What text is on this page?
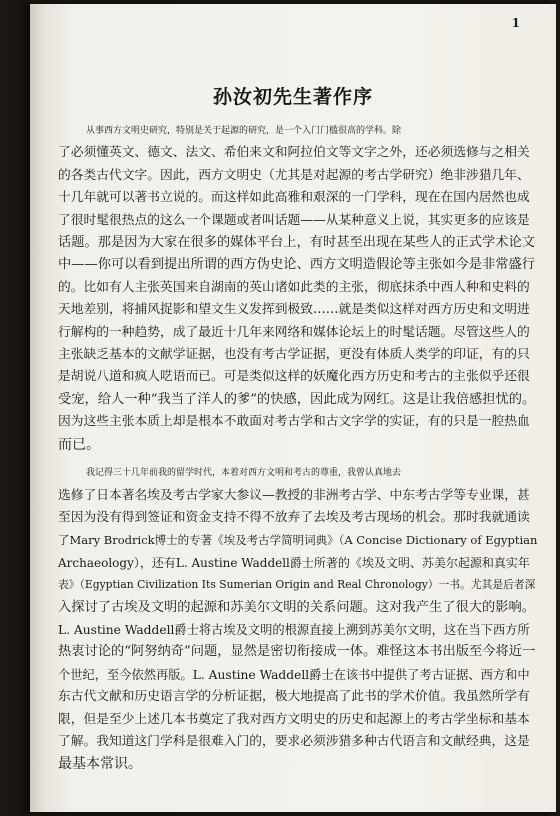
1
孙汝初先生著作序
从事西方文明史研究，特别是关于起源的研究，是一个入门门槛很高的学科。除
了必须懂英文、德文、法文、希伯来文和阿拉伯文等文字之外，还必须选修与之相关
的各类古代文字。因此，西方文明史（尤其是对起源的考古学研究）绝非涉猎几年、
十几年就可以著书立说的。而这样如此高雅和艰深的一门学科，现在在国内居然也成
了很时髦很热点的这么一个课题或者叫话题——从某种意义上说，其实更多的应该是
话题。那是因为大家在很多的媒体平台上，有时甚至出现在某些人的正式学术论文
中——你可以看到提出所谓的西方伪史论、西方文明造假论等主张如今是非常盛行
的。比如有人主张英国来自湖南的英山诸如此类的主张，彻底抹杀中西人种和史料的
天地差别，将捕风捉影和望文生义发挥到极致……就是类似这样对西方历史和文明进
行解构的一种趋势，成了最近十几年来网络和媒体论坛上的时髦话题。尽管这些人的
主张缺乏基本的文献学证据，也没有考古学证据，更没有体质人类学的印证，有的只
是胡说八道和疯人呓语而已。可是类似这样的妖魔化西方历史和考古的主张似乎还很
受宠，给人一种“我当了洋人的爹”的快感，因此成为网红。这是让我倍感担忧的。
因为这些主张本质上却是根本不敢面对考古学和古文字学的实证，有的只是一腔热血
而已。
我记得三十几年前我的留学时代，本着对西方文明和考古的尊重，我曾认真地去
选修了日本著名埃及考古学家大参议—教授的非洲考古学、中东考古学等专业课，甚
至因为没有得到签证和资金支持不得不放弃了去埃及考古现场的机会。那时我就通读
了Mary Brodrick博士的专著《埃及考古学简明词典》（A Concise Dictionary of Egyptian
Archaeology），还有L. Austine Waddell爵士所著的《埃及文明、苏美尔起源和真实年
表》（Egyptian Civilization Its Sumerian Origin and Real Chronology）一书。尤其是后者深
入探讨了古埃及文明的起源和苏美尔文明的关系问题。这对我产生了很大的影响。
L. Austine Waddell爵士将古埃及文明的根源直接上溯到苏美尔文明，这在当下西方所
热衷讨论的“阿努纳奇”问题，显然是密切衔接成一体。难怪这本书出版至今将近一
个世纪，至今依然再版。L. Austine Waddell爵士在该书中提供了考古证据、西方和中
东古代文献和历史语言学的分析证据，极大地提高了此书的学术价值。我虽然所学有
限，但是至少上述几本书奠定了我对西方文明史的历史和起源上的考古学坐标和基本
了解。我知道这门学科是很难入门的，要求必须涉猎多种古代语言和文献经典，这是
最基本常识。
